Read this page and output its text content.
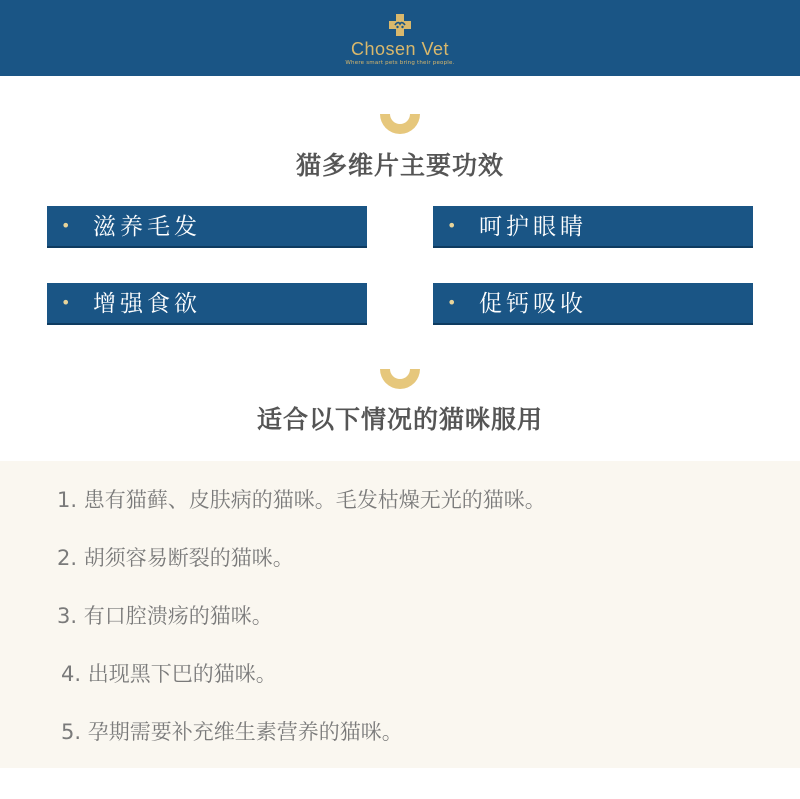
Chosen Vet
Where smart pets bring their people.
猫多维片主要功效
• 滋养毛发	• 呵护眼睛
• 增强食欲	• 促钙吸收
适合以下情况的猫咪服用
1. 患有猫藓、皮肤病的猫咪。毛发枯燥无光的猫咪。
2. 胡须容易断裂的猫咪。
3. 有口腔溃疡的猫咪。
4. 出现黑下巴的猫咪。
5. 孕期需要补充维生素营养的猫咪。
